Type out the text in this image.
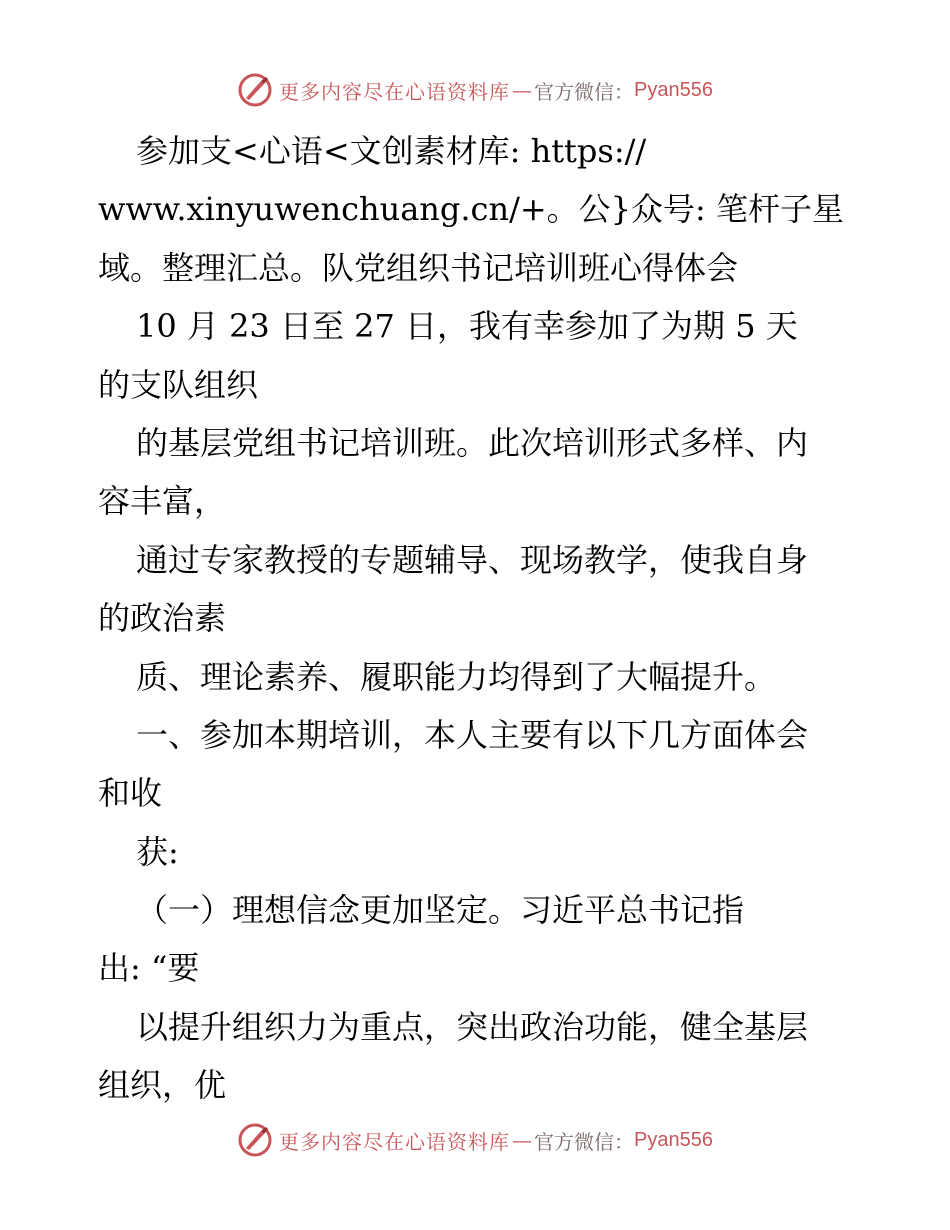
更多内容尽在心语资料库 — 官方微信： Pyan556
参加支<心语<文创素材库: https://
www.xinyuwenchuang.cn/+。公}众号: 笔杆子星
域。整理汇总。队党组织书记培训班心得体会
10 月 23 日至 27 日，我有幸参加了为期 5 天
的支队组织
的基层党组书记培训班。此次培训形式多样、内
容丰富，
通过专家教授的专题辅导、现场教学，使我自身
的政治素
质、理论素养、履职能力均得到了大幅提升。
一、参加本期培训，本人主要有以下几方面体会
和收
获:
（一）理想信念更加坚定。习近平总书记指
出: “要
以提升组织力为重点，突出政治功能，健全基层
组织，优
更多内容尽在心语资料库 — 官方微信： Pyan556
